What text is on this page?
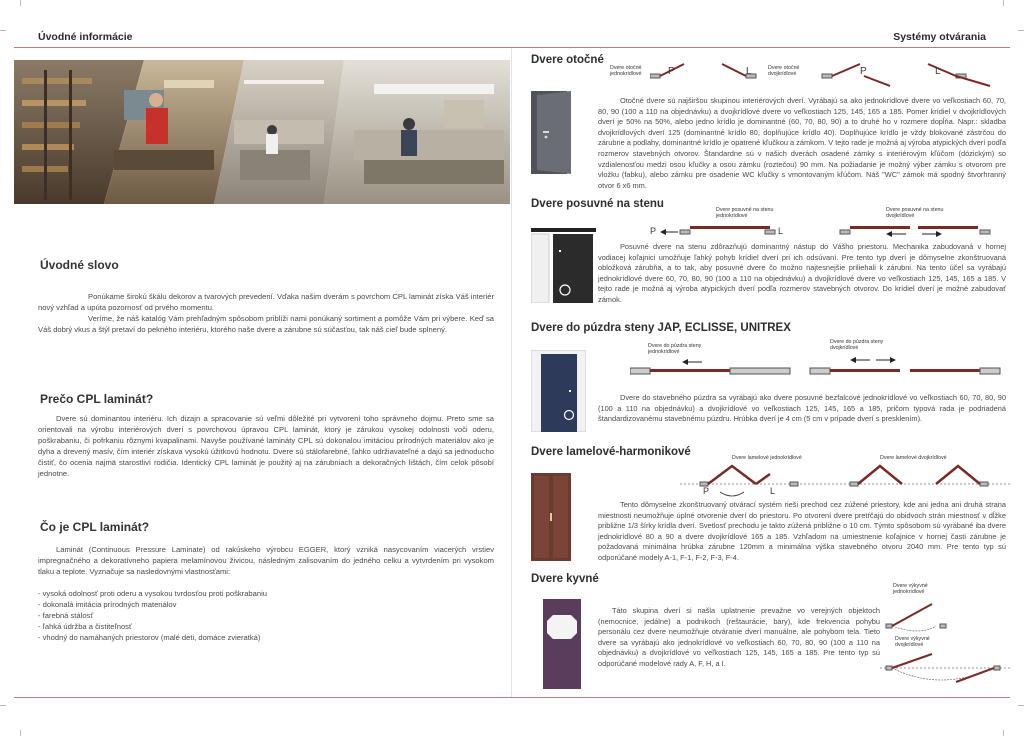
Úvodné informácie	Systémy otvárania
Úvodné slovo
Ponúkame širokú škálu dekorov a tvarových prevedení. Vďaka našim dverám s povrchom CPL laminát získa Váš interiér nový vzhľad a upúta pozornosť od prvého momentu.
Veríme, že náš katalóg Vám prehľadným spôsobom priblíži nami ponúkaný sortiment a pomôže Vám pri výbere. Keď sa Váš dobrý vkus a štýl pretaví do pekného interiéru, ktorého naše dvere a zárubne sú súčasťou, tak náš cieľ bude splnený.
Prečo CPL laminát?
Dvere sú dominantou interiéru. Ich dizajn a spracovanie sú veľmi dôležité pri vytvorení toho správneho dojmu. Preto sme sa orientovali na výrobu interiérových dverí s povrchovou úpravou CPL laminát, ktorý je zárukou vysokej odolnosti voči oderu, poškrabaniu, či pofrkaniu rôznymi kvapalinami. Navyše používané lamináty CPL sú dokonalou imitáciou prírodných materiálov ako je dyha a drevený masív, čím interiér získava vysokú úžitkovú hodnotu. Dvere sú stálofarebné, ľahko udržiavateľné a dajú sa jednoducho čistiť, čo ocenia najmä starostliví rodičia. Identický CPL laminát je použitý aj na zárubniach a dekoračných lištách, čím celok pôsobí jednotne.
Čo je CPL laminát?
Laminát (Continuous Pressure Laminate) od rakúskeho výrobcu EGGER, ktorý vzniká nasycovaním viacerých vrstiev impregnačného a dekoratívneho papiera melamínovou živicou, následným zalisovaním do jedného celku a vytvrdením pri vysokom tlaku a teplote. Vyznačuje sa nasledovnými vlastnosťami:
- vysoká odolnosť proti oderu a vysokou tvrdosťou proti poškrabaniu
- dokonalá imitácia prírodných materiálov
- farebná stálosť
- ľahká údržba a čistiteľnosť
- vhodný do namáhaných priestorov (malé deti, domáce zvieratká)
Dvere otočné
Dvere otočné jednokrídlové
Dvere otočné dvojkrídlové
P	L	P	L
Otočné dvere sú najširšou skupinou interiérových dverí. Vyrábajú sa ako jednokrídlové dvere vo veľkostiach 60, 70, 80, 90 (100 a 110 na objednávku) a dvojkrídlové dvere vo veľkostiach 125, 145, 165 a 185. Pomer krídiel v dvojkrídlových dverí je 50% na 50%, alebo jedno krídlo je dominantné (60, 70, 80, 90) a to druhé ho v rozmere dopĺňa. Napr.: skladba dvojkrídlových dverí 125 (dominantné krídlo 80, doplňujúce krídlo 40). Doplňujúce krídlo je vždy blokované zástrčou do zárubne a podlahy, dominantné krídlo je opatrené kľučkou a zámkom. V tejto rade je možná aj výroba atypických dverí podľa rozmerov stavebných otvorov. Štandardne sú v našich dverách osadené zámky s interiérovým kľúčom (dózickým) so vzdialenosťou medzi osou kľučky a osou zámku (roztečou) 90 mm. Na požiadanie je možný výber zámku s otvorom pre vložku (fabku), alebo zámku pre osadenie WC kľučky s vmontovaným kľúčom. Náš "WC" zámok má spodný štvorhranný otvor 6 x6 mm.
Dvere posuvné na stenu	Dvere posuvné na stenu jednokrídlové
Dvere posuvné na stenu dvojkrídlové
P	L
Posuvné dvere na stenu zdôrazňujú dominantný nástup do Vášho priestoru. Mechanika zabudovaná v hornej vodiacej koľajnici umožňuje ľahký pohyb krídiel dverí pri ich odsúvaní. Pre tento typ dverí je dômyselne zkonštruovaná obložková zárubňa, a to tak, aby posuvné dvere čo možno najtesnejšie priliehali k zárubni. Na tento účel sa vyrábajú jednokrídlové dvere 60, 70, 80, 90 (100 a 110 na objednávku) a dvojkrídlové dvere vo veľkostiach 125, 145, 165 a 185. V tejto rade je možná aj výroba atypických dverí podľa rozmerov stavebných otvorov. Do krídiel dverí je možné zabudovať zámok.
Dvere do púzdra steny JAP, ECLISSE, UNITREX
Dvere do púzdra steny jednokrídlové
Dvere do púzdra steny dvojkrídlové
Dvere do stavebného púzdra sa vyrábajú ako dvere posuvné bezfalcové jednokrídlové vo veľkostiach 60, 70, 80, 90 (100 a 110 na objednávku) a dvojkrídlové vo veľkostiach 125, 145, 165 a 185, pričom typová rada je podriadená štandardizovanému stavebnému púzdru. Hrúbka dverí je 4 cm (5 cm v prípade dverí s presklením).
Dvere lamelové-harmonikové	Dvere lamelové jednokrídlové	Dvere lamelové dvojkrídlové
P	L
Tento dômyselne zkonštruovaný otvárací systém rieši prechod cez zúžené priestory, kde ani jedna ani druhá strana miestnosti neumožňuje úplné otvorenie dverí do priestoru. Po otvorení dvere pretŕčajú do obidvoch strán miestnosť v dĺžke približne 1/3 šírky krídla dverí. Svetlosť prechodu je takto zúžená približne o 10 cm. Týmto spôsobom sú vyrábané iba dvere jednokrídlové 80 a 90 a dvere dvojkrídlové 165 a 185. Vzhľadom na umiestnenie koľajnice v hornej časti zárubne je požadovaná minimálna hrúbka zárubne 120mm a minimálna výška stavebného otvoru 2040 mm. Pre tento typ sú odporúčané modely A-1, F-1, F-2, F-3, F-4.
Dvere kyvné
Táto skupina dverí si našla uplatnenie prevažne vo verejných objektoch (nemocnice, jedálne) a podnikoch (reštaurácie, bary), kde frekvencia pohybu personálu cez dvere neumožňuje otváranie dverí manuálne, ale pohybom tela. Tieto dvere sa vyrábajú ako jednokrídlové vo veľkostiach 60, 70, 80, 90 (100 a 110 na objednávku) a dvojkrídlové vo veľkostiach 125, 145, 165 a 185. Pre tento typ sú odporúčané modelové rady A, F, H, a I.
Dvere výkyvné jednokrídlové
Dvere výkyvné dvojkrídlové
